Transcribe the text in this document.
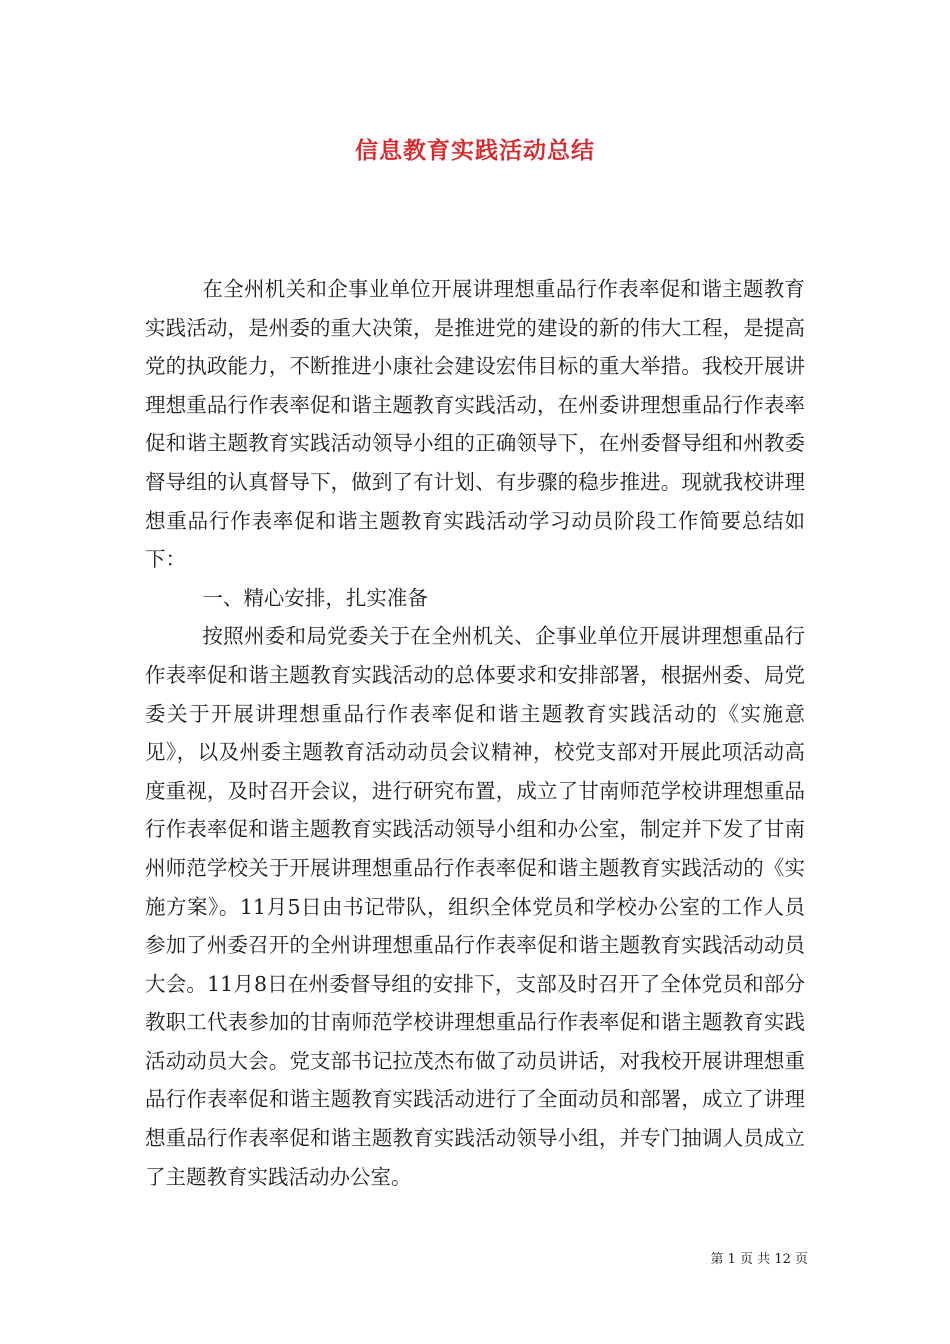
信息教育实践活动总结

在全州机关和企事业单位开展讲理想重品行作表率促和谐主题教育实践活动，是州委的重大决策，是推进党的建设的新的伟大工程，是提高党的执政能力，不断推进小康社会建设宏伟目标的重大举措。我校开展讲理想重品行作表率促和谐主题教育实践活动，在州委讲理想重品行作表率促和谐主题教育实践活动领导小组的正确领导下，在州委督导组和州教委督导组的认真督导下，做到了有计划、有步骤的稳步推进。现就我校讲理想重品行作表率促和谐主题教育实践活动学习动员阶段工作简要总结如下：

一、精心安排，扎实准备

按照州委和局党委关于在全州机关、企事业单位开展讲理想重品行作表率促和谐主题教育实践活动的总体要求和安排部署，根据州委、局党委关于开展讲理想重品行作表率促和谐主题教育实践活动的《实施意见》，以及州委主题教育活动动员会议精神，校党支部对开展此项活动高度重视，及时召开会议，进行研究布置，成立了甘南师范学校讲理想重品行作表率促和谐主题教育实践活动领导小组和办公室，制定并下发了甘南州师范学校关于开展讲理想重品行作表率促和谐主题教育实践活动的《实施方案》。11月5日由书记带队，组织全体党员和学校办公室的工作人员参加了州委召开的全州讲理想重品行作表率促和谐主题教育实践活动动员大会。11月8日在州委督导组的安排下，支部及时召开了全体党员和部分教职工代表参加的甘南师范学校讲理想重品行作表率促和谐主题教育实践活动动员大会。党支部书记拉茂杰布做了动员讲话，对我校开展讲理想重品行作表率促和谐主题教育实践活动进行了全面动员和部署，成立了讲理想重品行作表率促和谐主题教育实践活动领导小组，并专门抽调人员成立了主题教育实践活动办公室。

第 1 页 共 12 页
